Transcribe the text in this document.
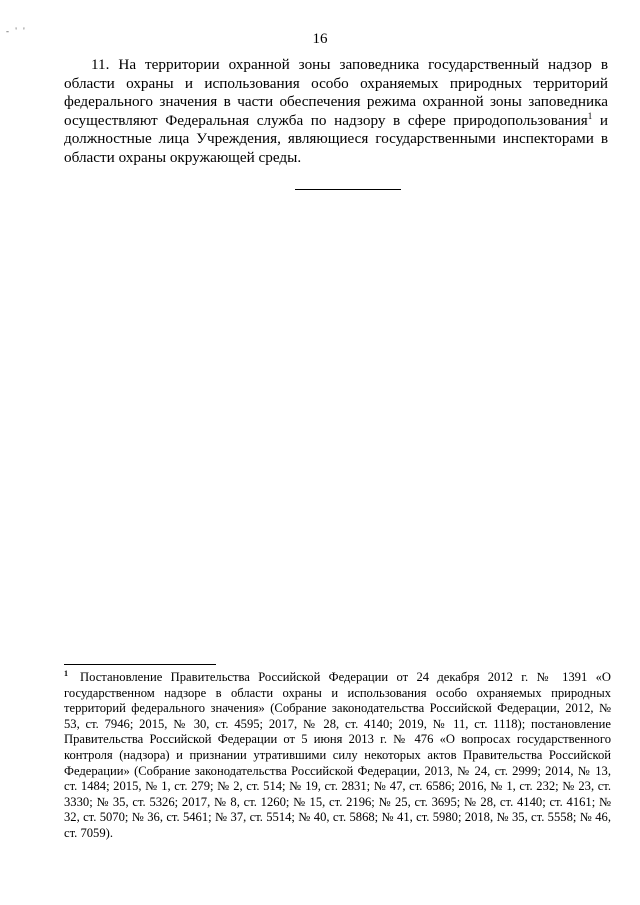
- ' '	16

11. На территории охранной зоны заповедника государственный надзор в области охраны и использования особо охраняемых природных территорий федерального значения в части обеспечения режима охранной зоны заповедника осуществляют Федеральная служба по надзору в сфере природопользования$^1$ и должностные лица Учреждения, являющиеся государственными инспекторами в области охраны окружающей среды.

$^1$ Постановление Правительства Российской Федерации от 24 декабря 2012 г. № 1391 «О государственном надзоре в области охраны и использования особо охраняемых природных территорий федерального значения» (Собрание законодательства Российской Федерации, 2012, № 53, ст. 7946; 2015, № 30, ст. 4595; 2017, № 28, ст. 4140; 2019, № 11, ст. 1118); постановление Правительства Российской Федерации от 5 июня 2013 г. № 476 «О вопросах государственного контроля (надзора) и признании утратившими силу некоторых актов Правительства Российской Федерации» (Собрание законодательства Российской Федерации, 2013, № 24, ст. 2999; 2014, № 13, ст. 1484; 2015, № 1, ст. 279; № 2, ст. 514; № 19, ст. 2831; № 47, ст. 6586; 2016, № 1, ст. 232; № 23, ст. 3330; № 35, ст. 5326; 2017, № 8, ст. 1260; № 15, ст. 2196; № 25, ст. 3695; № 28, ст. 4140; ст. 4161; № 32, ст. 5070; № 36, ст. 5461; № 37, ст. 5514; № 40, ст. 5868; № 41, ст. 5980; 2018, № 35, ст. 5558; № 46, ст. 7059).
